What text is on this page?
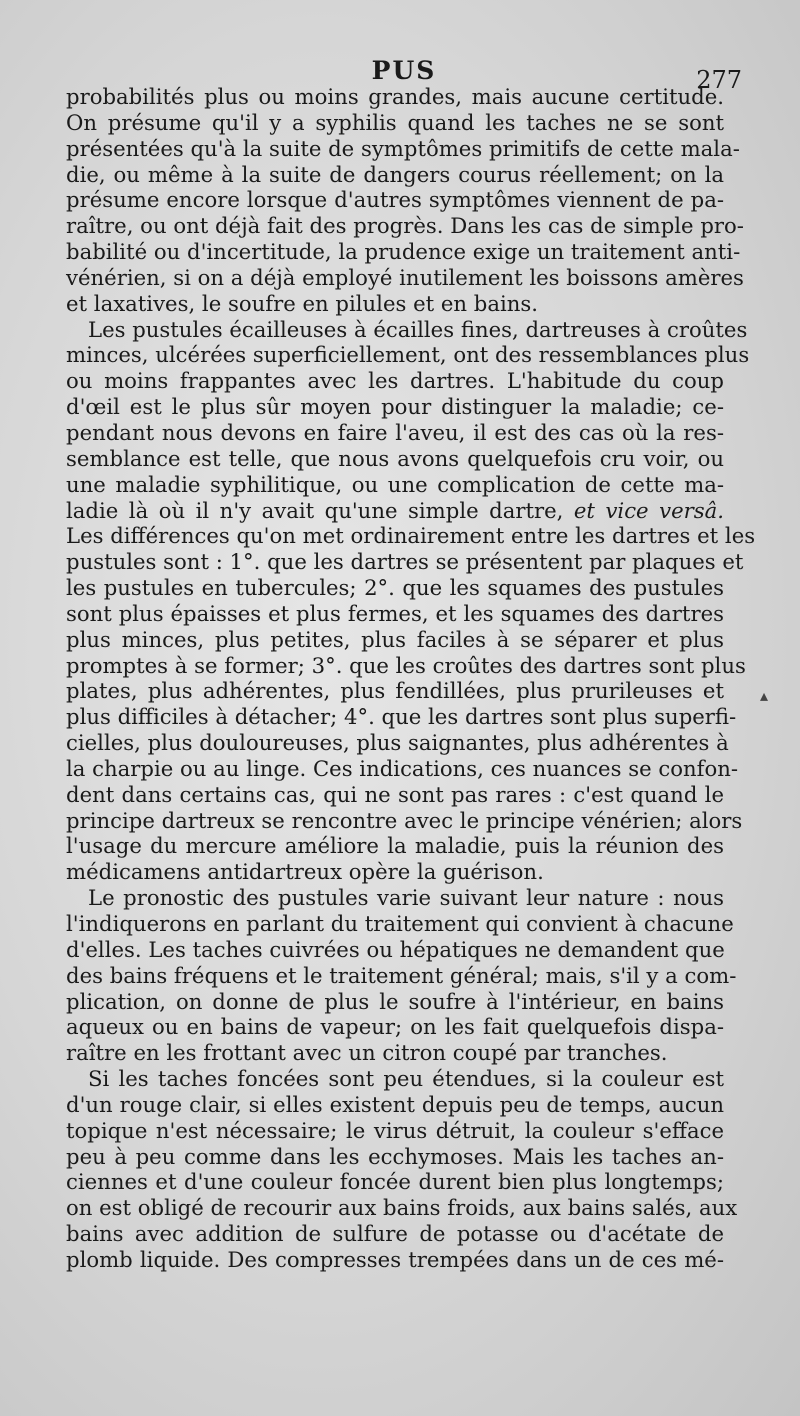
PUS	277
probabilités plus ou moins grandes, mais aucune certitude.
On présume qu'il y a syphilis quand les taches ne se sont
présentées qu'à la suite de symptômes primitifs de cette mala-
die, ou même à la suite de dangers courus réellement; on la
présume encore lorsque d'autres symptômes viennent de pa-
raître, ou ont déjà fait des progrès. Dans les cas de simple pro-
babilité ou d'incertitude, la prudence exige un traitement anti-
vénérien, si on a déjà employé inutilement les boissons amères
et laxatives, le soufre en pilules et en bains.
Les pustules écailleuses à écailles fines, dartreuses à croûtes
minces, ulcérées superficiellement, ont des ressemblances plus
ou moins frappantes avec les dartres. L'habitude du coup
d'œil est le plus sûr moyen pour distinguer la maladie; ce-
pendant nous devons en faire l'aveu, il est des cas où la res-
semblance est telle, que nous avons quelquefois cru voir, ou
une maladie syphilitique, ou une complication de cette ma-
ladie là où il n'y avait qu'une simple dartre, et vice versâ.
Les différences qu'on met ordinairement entre les dartres et les
pustules sont : 1°. que les dartres se présentent par plaques et
les pustules en tubercules; 2°. que les squames des pustules
sont plus épaisses et plus fermes, et les squames des dartres
plus minces, plus petites, plus faciles à se séparer et plus
promptes à se former; 3°. que les croûtes des dartres sont plus
plates, plus adhérentes, plus fendillées, plus prurileuses et
plus difficiles à détacher; 4°. que les dartres sont plus superfi-
cielles, plus douloureuses, plus saignantes, plus adhérentes à
la charpie ou au linge. Ces indications, ces nuances se confon-
dent dans certains cas, qui ne sont pas rares : c'est quand le
principe dartreux se rencontre avec le principe vénérien; alors
l'usage du mercure améliore la maladie, puis la réunion des
médicamens antidartreux opère la guérison.
Le pronostic des pustules varie suivant leur nature : nous
l'indiquerons en parlant du traitement qui convient à chacune
d'elles. Les taches cuivrées ou hépatiques ne demandent que
des bains fréquens et le traitement général; mais, s'il y a com-
plication, on donne de plus le soufre à l'intérieur, en bains
aqueux ou en bains de vapeur; on les fait quelquefois dispa-
raître en les frottant avec un citron coupé par tranches.
Si les taches foncées sont peu étendues, si la couleur est
d'un rouge clair, si elles existent depuis peu de temps, aucun
topique n'est nécessaire; le virus détruit, la couleur s'efface
peu à peu comme dans les ecchymoses. Mais les taches an-
ciennes et d'une couleur foncée durent bien plus longtemps;
on est obligé de recourir aux bains froids, aux bains salés, aux
bains avec addition de sulfure de potasse ou d'acétate de
plomb liquide. Des compresses trempées dans un de ces mé-
▴
